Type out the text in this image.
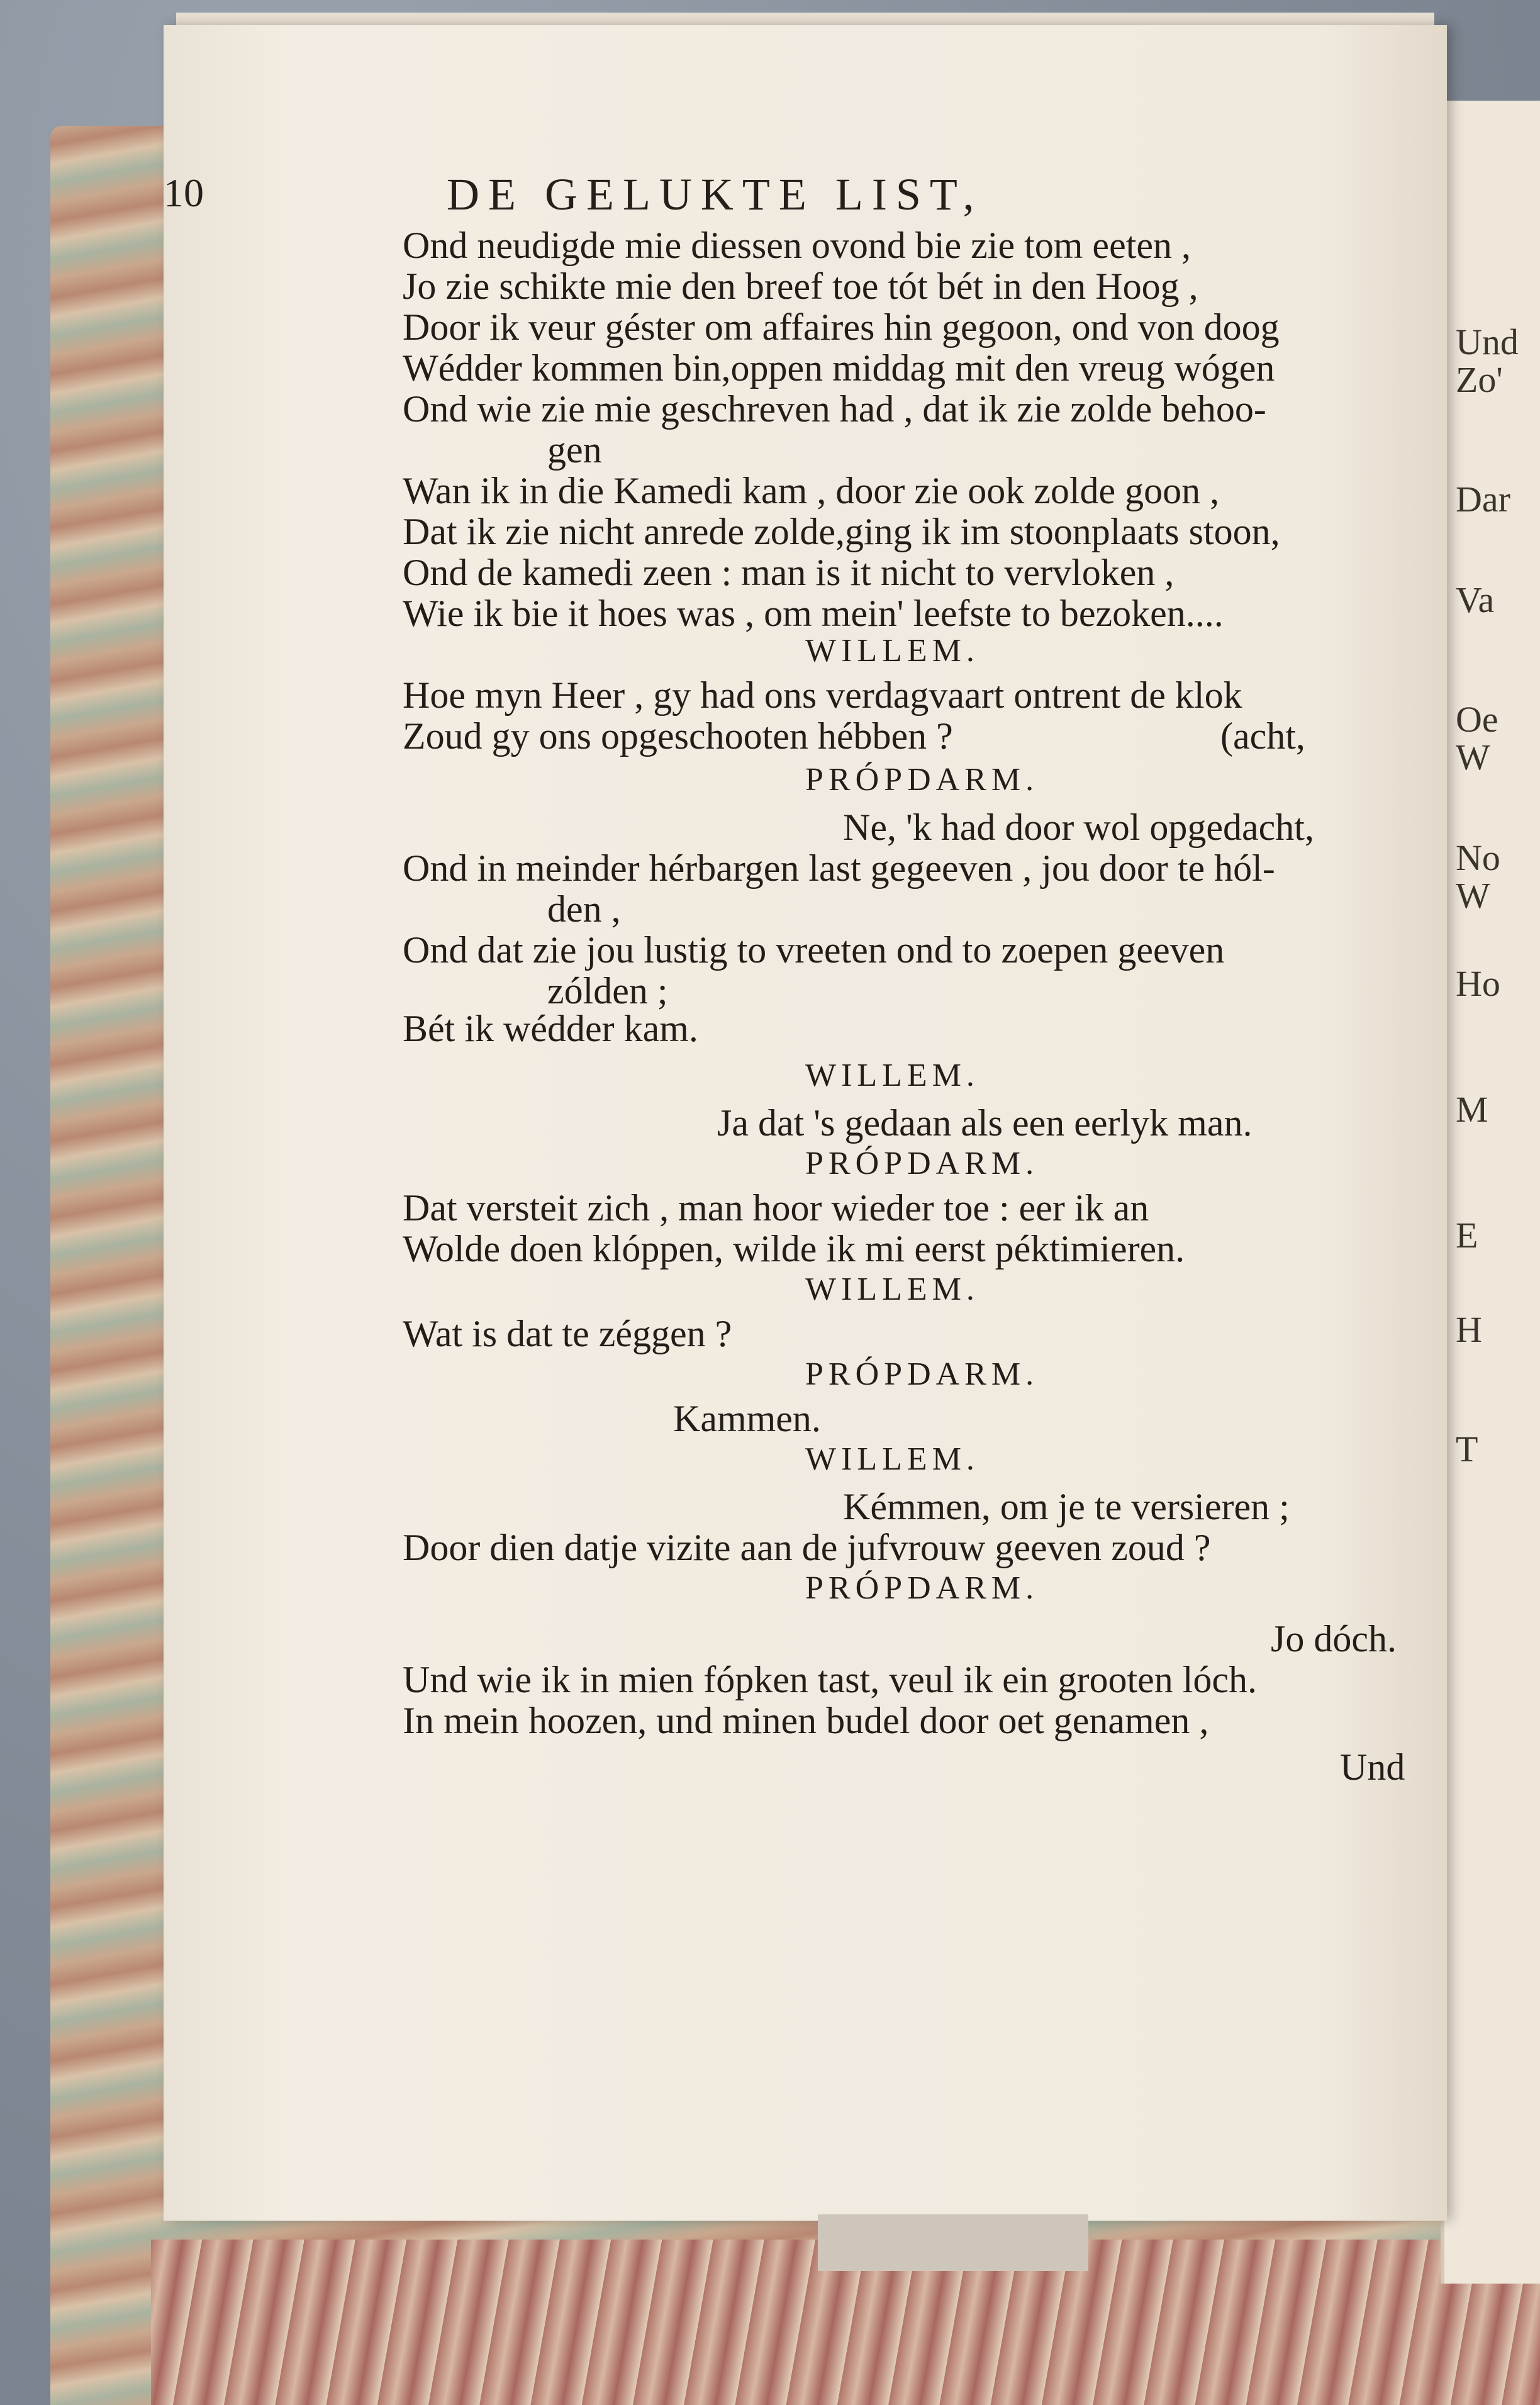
Und
Zo'
Dar
Va
Oe
W
No
W
Ho
M
E
H
T
10	DE GELUKTE LIST,
Ond neudigde mie diessen ovond bie zie tom eeten ,
Jo zie schikte mie den breef toe tót bét in den Hoog ,
Door ik veur géster om affaires hin gegoon, ond von doog
Wédder kommen bin,oppen middag mit den vreug wógen
Ond wie zie mie geschreven had , dat ik zie zolde behoo-
gen
Wan ik in die Kamedi kam , door zie ook zolde goon ,
Dat ik zie nicht anrede zolde,ging ik im stoonplaats stoon,
Ond de kamedi zeen : man is it nicht to vervloken ,
Wie ik bie it hoes was , om mein' leefste to bezoken....
WILLEM.
Hoe myn Heer , gy had ons verdagvaart ontrent de klok
Zoud gy ons opgeschooten hébben ?	(acht,
PRÓPDARM.
Ne, 'k had door wol opgedacht,
Ond in meinder hérbargen last gegeeven , jou door te hól-
den ,
Ond dat zie jou lustig to vreeten ond to zoepen geeven
zólden ;
Bét ik wédder kam.
WILLEM.
Ja dat 's gedaan als een eerlyk man.
PRÓPDARM.
Dat versteit zich , man hoor wieder toe : eer ik an
Wolde doen klóppen, wilde ik mi eerst péktimieren.
WILLEM.
Wat is dat te zéggen ?
PRÓPDARM.
Kammen.
WILLEM.
Kémmen, om je te versieren ;
Door dien datje vizite aan de jufvrouw geeven zoud ?
PRÓPDARM.
Jo dóch.
Und wie ik in mien fópken tast, veul ik ein grooten lóch.
In mein hoozen, und minen budel door oet genamen ,
Und
